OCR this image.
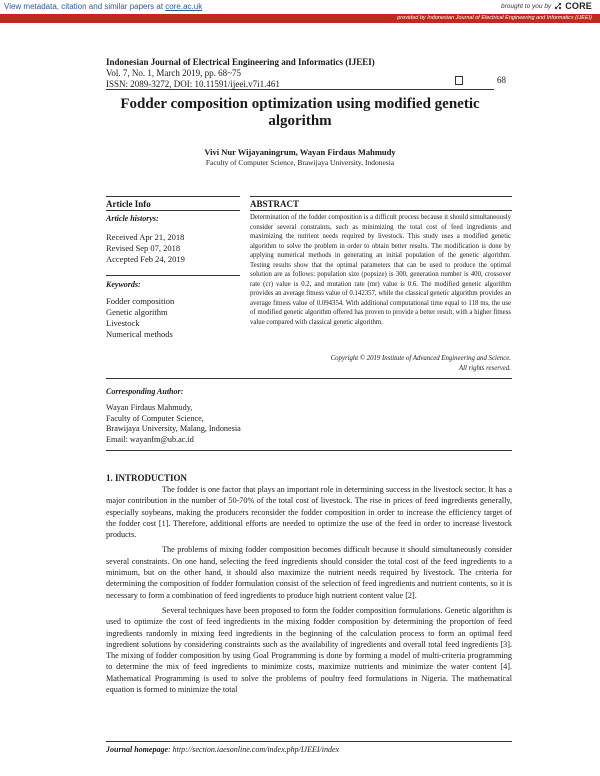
View metadata, citation and similar papers at core.ac.uk	brought to you by CORE
provided by Indonesian Journal of Electrical Engineering and Informatics (IJEEI)
Indonesian Journal of Electrical Engineering and Informatics (IJEEI)
Vol. 7, No. 1, March 2019, pp. 68~75
ISSN: 2089-3272, DOI: 10.11591/ijeei.v7i1.461	68
Fodder composition optimization using modified genetic algorithm
Vivi Nur Wijayaningrum, Wayan Firdaus Mahmudy
Faculty of Computer Science, Brawijaya University, Indonesia
Article Info	ABSTRACT
Article historys:
Received Apr 21, 2018
Revised Sep 07, 2018
Accepted Feb 24, 2019
Keywords:
Fodder composition
Genetic algorithm
Livestock
Numerical methods
Determination of the fodder composition is a difficult process because it should simultaneously consider several constraints, such as minimizing the total cost of feed ingredients and maximizing the nutrient needs required by livestock. This study uses a modified genetic algorithm to solve the problem in order to obtain better results. The modification is done by applying numerical methods in generating an initial population of the genetic algorithm. Testing results show that the optimal parameters that can be used to produce the optimal solution are as follows: population size (popsize) is 300, generation number is 400, crossover rate (cr) value is 0.2, and mutation rate (mr) value is 0.6. The modified genetic algorithm provides an average fitness value of 0.142357, while the classical genetic algorithm provides an average fitness value of 0.094354. With additional computational time equal to 118 ms, the use of modified genetic algorithm offered has proven to provide a better result, with a higher fitness value compared with classical genetic algorithm.
Copyright © 2019 Institute of Advanced Engineering and Science.
All rights reserved.
Corresponding Author:
Wayan Firdaus Mahmudy,
Faculty of Computer Science,
Brawijaya University, Malang, Indonesia
Email: wayanfm@ub.ac.id
1. INTRODUCTION

The fodder is one factor that plays an important role in determining success in the livestock sector. It has a major contribution in the number of 50-70% of the total cost of livestock. The rise in prices of feed ingredients generally, especially soybeans, making the producers reconsider the fodder composition in order to increase the efficiency target of the fodder cost [1]. Therefore, additional efforts are needed to optimize the use of the feed in order to increase livestock products.

The problems of mixing fodder composition becomes difficult because it should simultaneously consider several constraints. On one hand, selecting the feed ingredients should consider the total cost of the feed ingredients to a minimum, but on the other hand, it should also maximize the nutrient needs required by livestock. The criteria for determining the composition of fodder formulation consist of the selection of feed ingredients and nutrient contents, so it is necessary to form a combination of feed ingredients to produce high nutrient content value [2].

Several techniques have been proposed to form the fodder composition formulations. Genetic algorithm is used to optimize the cost of feed ingredients in the mixing fodder composition by determining the proportion of feed ingredients randomly in mixing feed ingredients in the beginning of the calculation process to form an optimal feed ingredient solutions by considering constraints such as the availability of ingredients and overall total feed ingredients [3]. The mixing of fodder composition by using Goal Programming is done by forming a model of multi-criteria programming to determine the mix of feed ingredients to minimize costs, maximize nutrients and minimize the water content [4]. Mathematical Programming is used to solve the problems of poultry feed formulations in Nigeria. The mathematical equation is formed to minimize the total

Journal homepage: http://section.iaesonline.com/index.php/IJEEI/index
